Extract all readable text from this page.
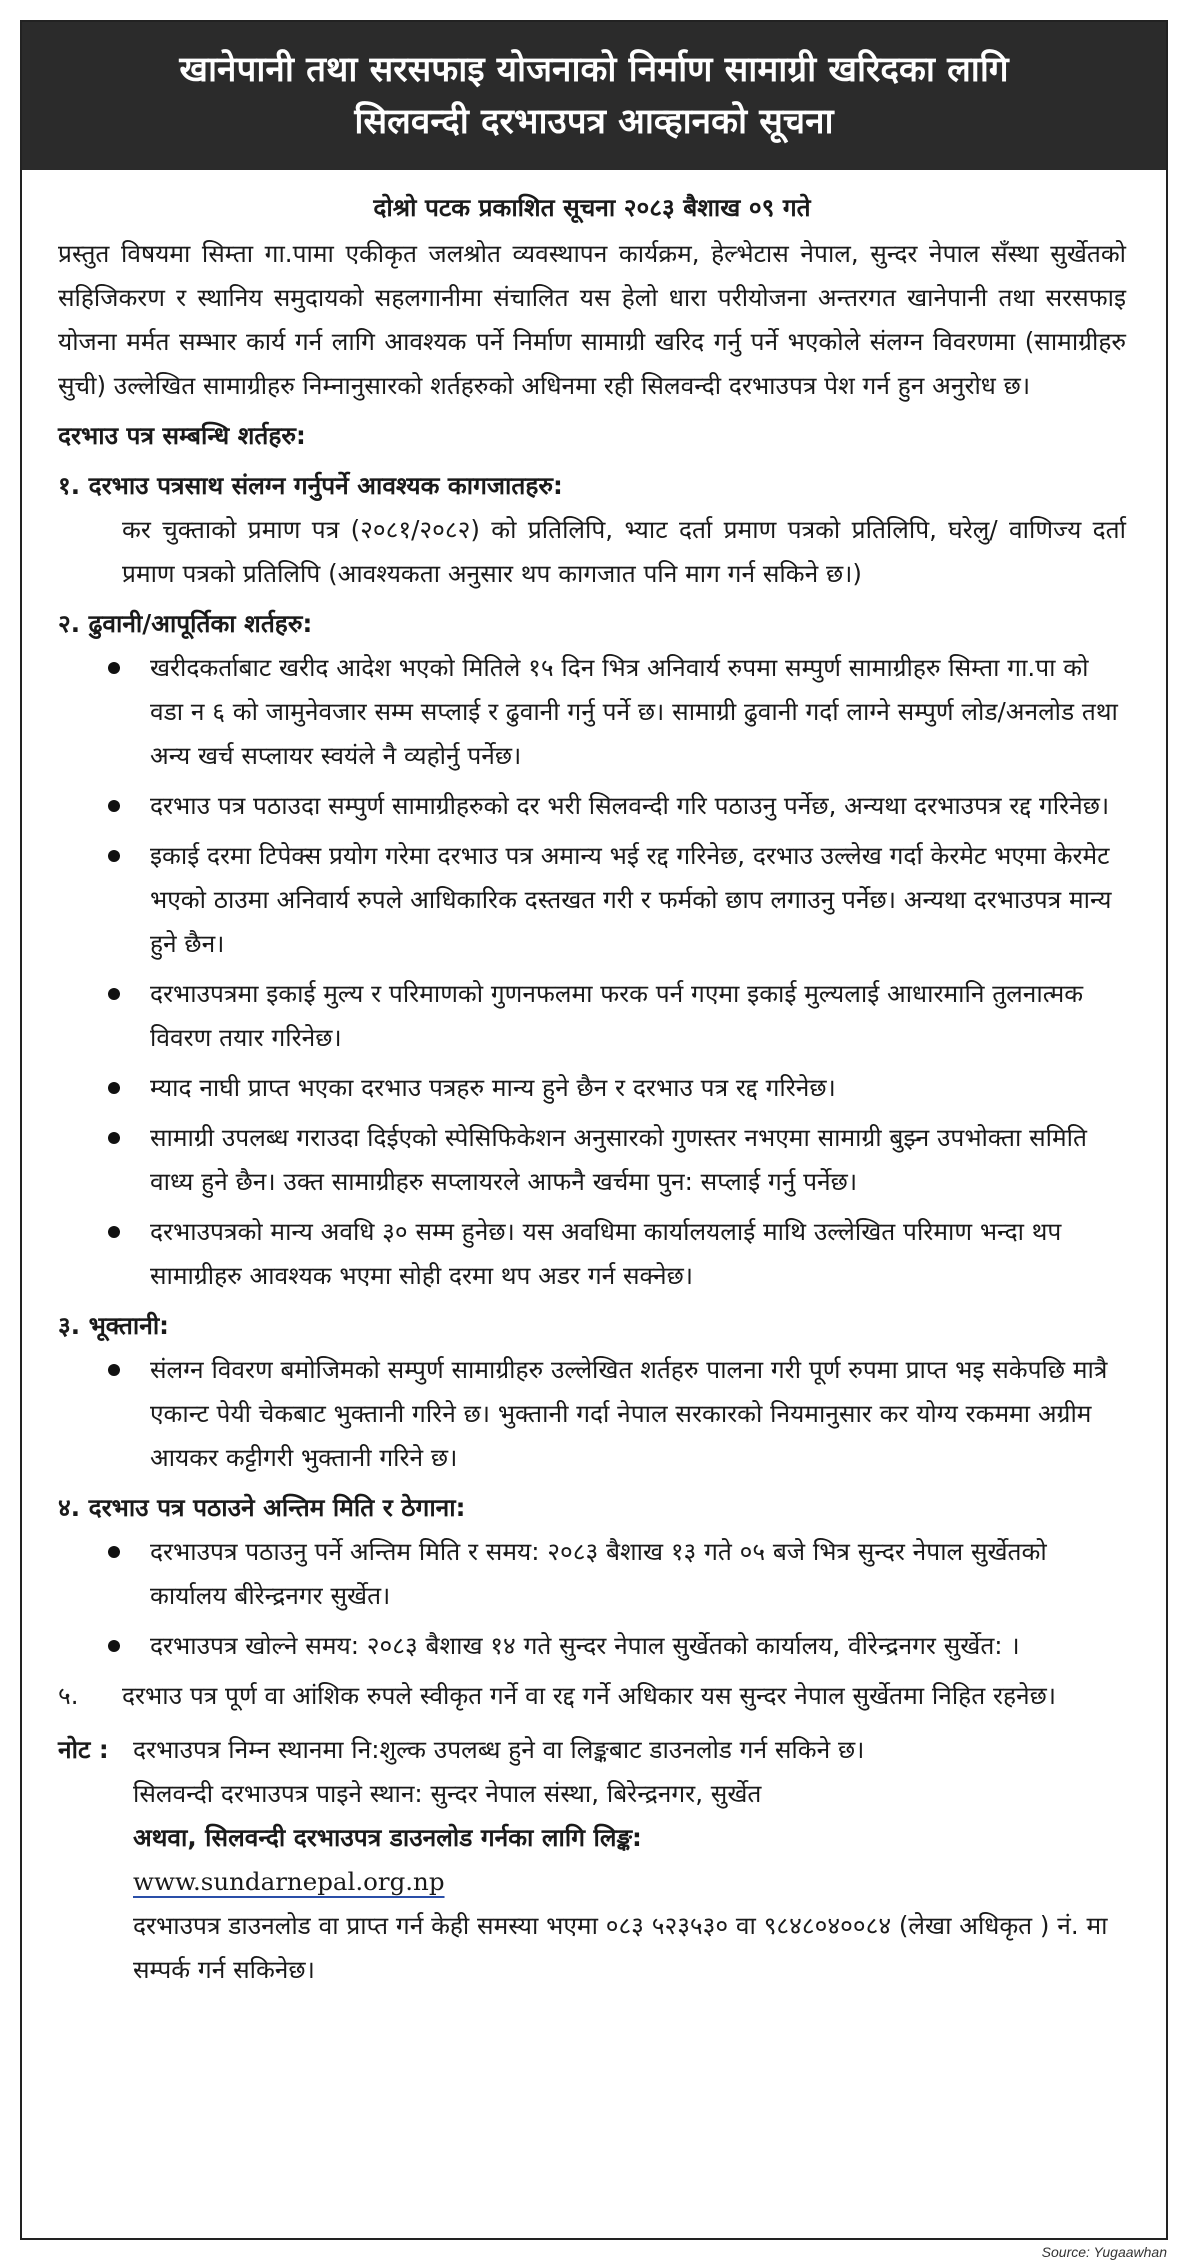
खानेपानी तथा सरसफाइ योजनाको निर्माण सामाग्री खरिदका लागि
सिलवन्दी दरभाउपत्र आव्हानको सूचना
दोश्रो पटक प्रकाशित सूचना २०८३ बैशाख ०९ गते
प्रस्तुत विषयमा सिम्ता गा.पामा एकीकृत जलश्रोत व्यवस्थापन कार्यक्रम, हेल्भेटास नेपाल, सुन्दर नेपाल सँस्था सुर्खेतको सहिजिकरण र स्थानिय समुदायको सहलगानीमा संचालित यस हेलो धारा परीयोजना अन्तरगत खानेपानी तथा सरसफाइ योजना मर्मत सम्भार कार्य गर्न लागि आवश्यक पर्ने निर्माण सामाग्री खरिद गर्नु पर्ने भएकोले संलग्न विवरणमा (सामाग्रीहरु सुची) उल्लेखित सामाग्रीहरु निम्नानुसारको शर्तहरुको अधिनमा रही सिलवन्दी दरभाउपत्र पेश गर्न हुन अनुरोध छ।
दरभाउ पत्र सम्बन्धि शर्तहरु:
१. दरभाउ पत्रसाथ संलग्न गर्नुपर्ने आवश्यक कागजातहरु:
कर चुक्ताको प्रमाण पत्र (२०८१/२०८२) को प्रतिलिपि, भ्याट दर्ता प्रमाण पत्रको प्रतिलिपि, घरेलु/ वाणिज्य दर्ता प्रमाण पत्रको प्रतिलिपि (आवश्यकता अनुसार थप कागजात पनि माग गर्न सकिने छ।)
२. ढुवानी/आपूर्तिका शर्तहरु:
खरीदकर्ताबाट खरीद आदेश भएको मितिले १५ दिन भित्र अनिवार्य रुपमा सम्पुर्ण सामाग्रीहरु सिम्ता गा.पा को वडा न ६ को जामुनेवजार सम्म सप्लाई र ढुवानी गर्नु पर्ने छ। सामाग्री ढुवानी गर्दा लाग्ने सम्पुर्ण लोड/अनलोड तथा अन्य खर्च सप्लायर स्वयंले नै व्यहोर्नु पर्नेछ।
दरभाउ पत्र पठाउदा सम्पुर्ण सामाग्रीहरुको दर भरी सिलवन्दी गरि पठाउनु पर्नेछ, अन्यथा दरभाउपत्र रद्द गरिनेछ।
इकाई दरमा टिपेक्स प्रयोग गरेमा दरभाउ पत्र अमान्य भई रद्द गरिनेछ, दरभाउ उल्लेख गर्दा केरमेट भएमा केरमेट भएको ठाउमा अनिवार्य रुपले आधिकारिक दस्तखत गरी र फर्मको छाप लगाउनु पर्नेछ। अन्यथा दरभाउपत्र मान्य हुने छैन।
दरभाउपत्रमा इकाई मुल्य र परिमाणको गुणनफलमा फरक पर्न गएमा इकाई मुल्यलाई आधारमानि तुलनात्मक विवरण तयार गरिनेछ।
म्याद नाघी प्राप्त भएका दरभाउ पत्रहरु मान्य हुने छैन र दरभाउ पत्र रद्द गरिनेछ।
सामाग्री उपलब्ध गराउदा दिईएको स्पेसिफिकेशन अनुसारको गुणस्तर नभएमा सामाग्री बुझ्न उपभोक्ता समिति वाध्य हुने छैन। उक्त सामाग्रीहरु सप्लायरले आफनै खर्चमा पुन: सप्लाई गर्नु पर्नेछ।
दरभाउपत्रको मान्य अवधि ३० सम्म हुनेछ। यस अवधिमा कार्यालयलाई माथि उल्लेखित परिमाण भन्दा थप सामाग्रीहरु आवश्यक भएमा सोही दरमा थप अडर गर्न सक्नेछ।
३. भूक्तानी:
संलग्न विवरण बमोजिमको सम्पुर्ण सामाग्रीहरु उल्लेखित शर्तहरु पालना गरी पूर्ण रुपमा प्राप्त भइ सकेपछि मात्रै एकान्ट पेयी चेकबाट भुक्तानी गरिने छ। भुक्तानी गर्दा नेपाल सरकारको नियमानुसार कर योग्य रकममा अग्रीम आयकर कट्टीगरी भुक्तानी गरिने छ।
४. दरभाउ पत्र पठाउने अन्तिम मिति र ठेगाना:
दरभाउपत्र पठाउनु पर्ने अन्तिम मिति र समय: २०८३ बैशाख १३ गते ०५ बजे भित्र सुन्दर नेपाल सुर्खेतको कार्यालय बीरेन्द्रनगर सुर्खेत।
दरभाउपत्र खोल्ने समय: २०८३ बैशाख १४ गते सुन्दर नेपाल सुर्खेतको कार्यालय, वीरेन्द्रनगर सुर्खेत: ।
५. दरभाउ पत्र पूर्ण वा आंशिक रुपले स्वीकृत गर्ने वा रद्द गर्ने अधिकार यस सुन्दर नेपाल सुर्खेतमा निहित रहनेछ।
नोट : दरभाउपत्र निम्न स्थानमा नि:शुल्क उपलब्ध हुने वा लिङ्कबाट डाउनलोड गर्न सकिने छ।
सिलवन्दी दरभाउपत्र पाइने स्थान: सुन्दर नेपाल संस्था, बिरेन्द्रनगर, सुर्खेत
अथवा, सिलवन्दी दरभाउपत्र डाउनलोड गर्नका लागि लिङ्क:
www.sundarnepal.org.np
दरभाउपत्र डाउनलोड वा प्राप्त गर्न केही समस्या भएमा ०८३ ५२३५३० वा ९८४८०४००८४ (लेखा अधिकृत ) नं. मा सम्पर्क गर्न सकिनेछ।
Source: Yugaawhan
